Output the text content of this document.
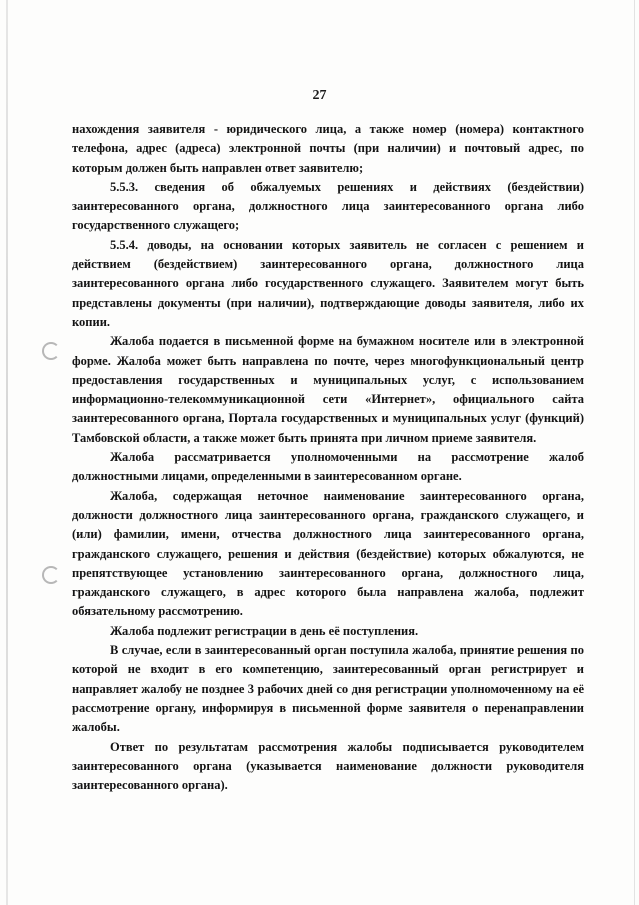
27

нахождения заявителя - юридического лица, а также номер (номера) контактного телефона, адрес (адреса) электронной почты (при наличии) и почтовый адрес, по которым должен быть направлен ответ заявителю;

5.5.3. сведения об обжалуемых решениях и действиях (бездействии) заинтересованного органа, должностного лица заинтересованного органа либо государственного служащего;

5.5.4. доводы, на основании которых заявитель не согласен с решением и действием (бездействием) заинтересованного органа, должностного лица заинтересованного органа либо государственного служащего. Заявителем могут быть представлены документы (при наличии), подтверждающие доводы заявителя, либо их копии.

Жалоба подается в письменной форме на бумажном носителе или в электронной форме. Жалоба может быть направлена по почте, через многофункциональный центр предоставления государственных и муниципальных услуг, с использованием информационно-телекоммуникационной сети «Интернет», официального сайта заинтересованного органа, Портала государственных и муниципальных услуг (функций) Тамбовской области, а также может быть принята при личном приеме заявителя.

Жалоба рассматривается уполномоченными на рассмотрение жалоб должностными лицами, определенными в заинтересованном органе.

Жалоба, содержащая неточное наименование заинтересованного органа, должности должностного лица заинтересованного органа, гражданского служащего, и (или) фамилии, имени, отчества должностного лица заинтересованного органа, гражданского служащего, решения и действия (бездействие) которых обжалуются, не препятствующее установлению заинтересованного органа, должностного лица, гражданского служащего, в адрес которого была направлена жалоба, подлежит обязательному рассмотрению.

Жалоба подлежит регистрации в день её поступления.

В случае, если в заинтересованный орган поступила жалоба, принятие решения по которой не входит в его компетенцию, заинтересованный орган регистрирует и направляет жалобу не позднее 3 рабочих дней со дня регистрации уполномоченному на её рассмотрение органу, информируя в письменной форме заявителя о перенаправлении жалобы.

Ответ по результатам рассмотрения жалобы подписывается руководителем заинтересованного органа (указывается наименование должности руководителя заинтересованного органа).
